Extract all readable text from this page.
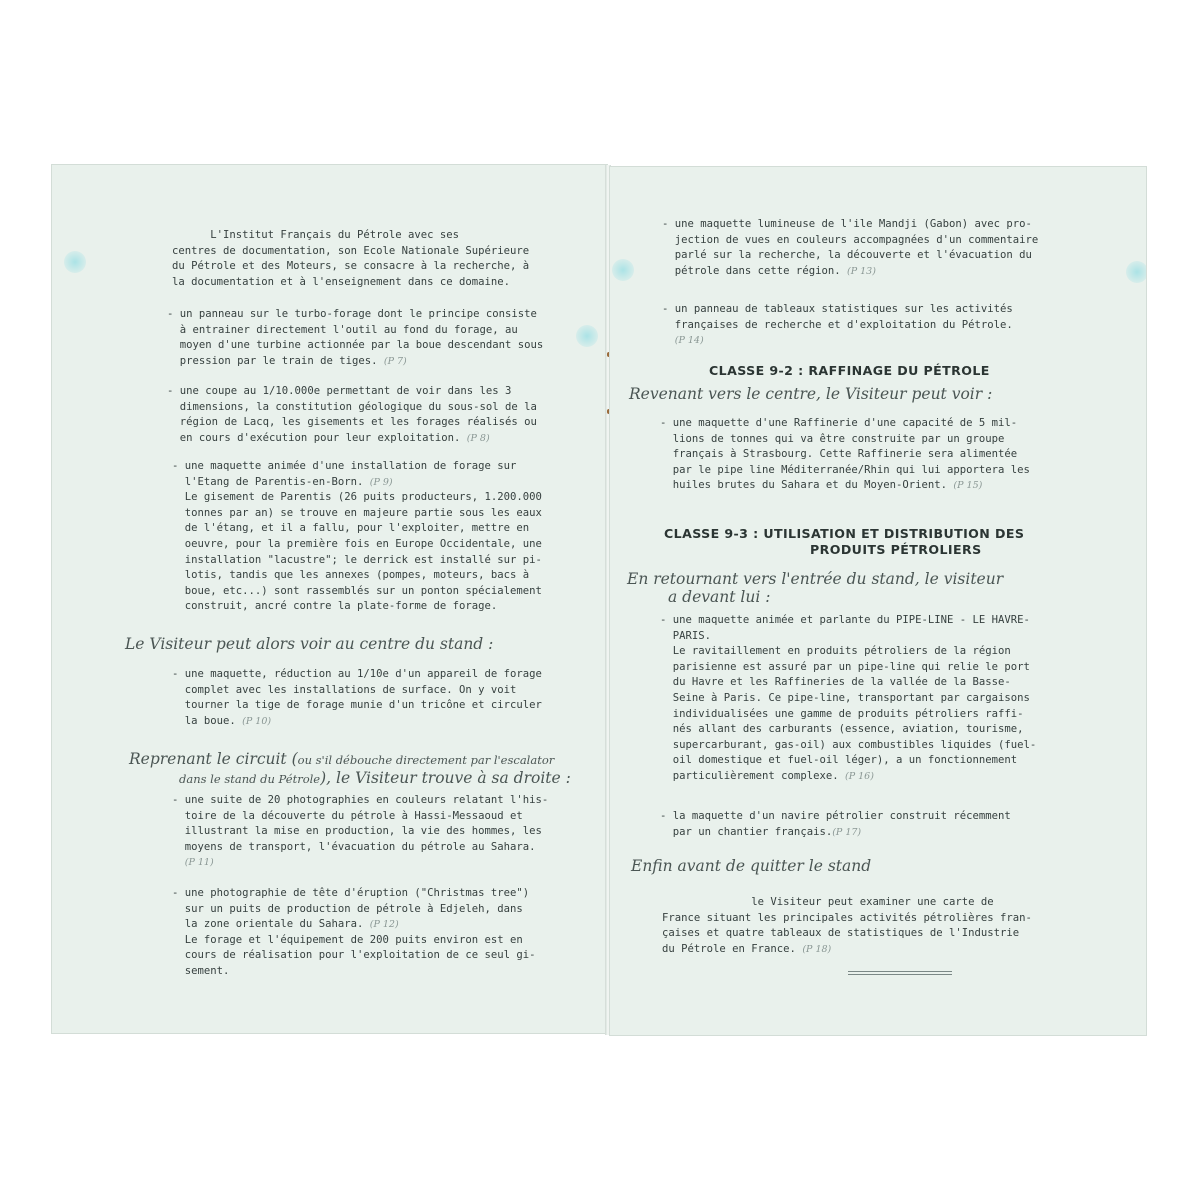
L'Institut Français du Pétrole avec ses
centres de documentation, son Ecole Nationale Supérieure
du Pétrole et des Moteurs, se consacre à la recherche, à
la documentation et à l'enseignement dans ce domaine.
- un panneau sur le turbo-forage dont le principe consiste
à entrainer directement l'outil au fond du forage, au
moyen d'une turbine actionnée par la boue descendant sous
pression par le train de tiges. (P 7)
- une coupe au 1/10.000e permettant de voir dans les 3
dimensions, la constitution géologique du sous-sol de la
région de Lacq, les gisements et les forages réalisés ou
en cours d'exécution pour leur exploitation. (P 8)
- une maquette animée d'une installation de forage sur
l'Etang de Parentis-en-Born. (P 9)
Le gisement de Parentis (26 puits producteurs, 1.200.000
tonnes par an) se trouve en majeure partie sous les eaux
de l'étang, et il a fallu, pour l'exploiter, mettre en
oeuvre, pour la première fois en Europe Occidentale, une
installation "lacustre"; le derrick est installé sur pi-
lotis, tandis que les annexes (pompes, moteurs, bacs à
boue, etc...) sont rassemblés sur un ponton spécialement
construit, ancré contre la plate-forme de forage.
Le Visiteur peut alors voir au centre du stand :
- une maquette, réduction au 1/10e d'un appareil de forage
complet avec les installations de surface. On y voit
tourner la tige de forage munie d'un tricône et circuler
la boue. (P 10)
Reprenant le circuit (ou s'il débouche directement par l'escalator
dans le stand du Pétrole), le Visiteur trouve à sa droite :
- une suite de 20 photographies en couleurs relatant l'his-
toire de la découverte du pétrole à Hassi-Messaoud et
illustrant la mise en production, la vie des hommes, les
moyens de transport, l'évacuation du pétrole au Sahara.
(P 11)
- une photographie de tête d'éruption ("Christmas tree")
sur un puits de production de pétrole à Edjeleh, dans
la zone orientale du Sahara. (P 12)
Le forage et l'équipement de 200 puits environ est en
cours de réalisation pour l'exploitation de ce seul gi-
sement.
- une maquette lumineuse de l'ile Mandji (Gabon) avec pro-
jection de vues en couleurs accompagnées d'un commentaire
parlé sur la recherche, la découverte et l'évacuation du
pétrole dans cette région. (P 13)
- un panneau de tableaux statistiques sur les activités
françaises de recherche et d'exploitation du Pétrole.
(P 14)
CLASSE 9-2 : RAFFINAGE DU PÉTROLE
Revenant vers le centre, le Visiteur peut voir :
- une maquette d'une Raffinerie d'une capacité de 5 mil-
lions de tonnes qui va être construite par un groupe
français à Strasbourg. Cette Raffinerie sera alimentée
par le pipe line Méditerranée/Rhin qui lui apportera les
huiles brutes du Sahara et du Moyen-Orient. (P 15)
CLASSE 9-3 : UTILISATION ET DISTRIBUTION DES
PRODUITS PÉTROLIERS
En retournant vers l'entrée du stand, le visiteur
a devant lui :
- une maquette animée et parlante du PIPE-LINE - LE HAVRE-
PARIS.
Le ravitaillement en produits pétroliers de la région
parisienne est assuré par un pipe-line qui relie le port
du Havre et les Raffineries de la vallée de la Basse-
Seine à Paris. Ce pipe-line, transportant par cargaisons
individualisées une gamme de produits pétroliers raffi-
nés allant des carburants (essence, aviation, tourisme,
supercarburant, gas-oil) aux combustibles liquides (fuel-
oil domestique et fuel-oil léger), a un fonctionnement
particulièrement complexe. (P 16)
- la maquette d'un navire pétrolier construit récemment
par un chantier français.(P 17)
Enfin avant de quitter le stand
le Visiteur peut examiner une carte de
France situant les principales activités pétrolières fran-
çaises et quatre tableaux de statistiques de l'Industrie
du Pétrole en France. (P 18)
